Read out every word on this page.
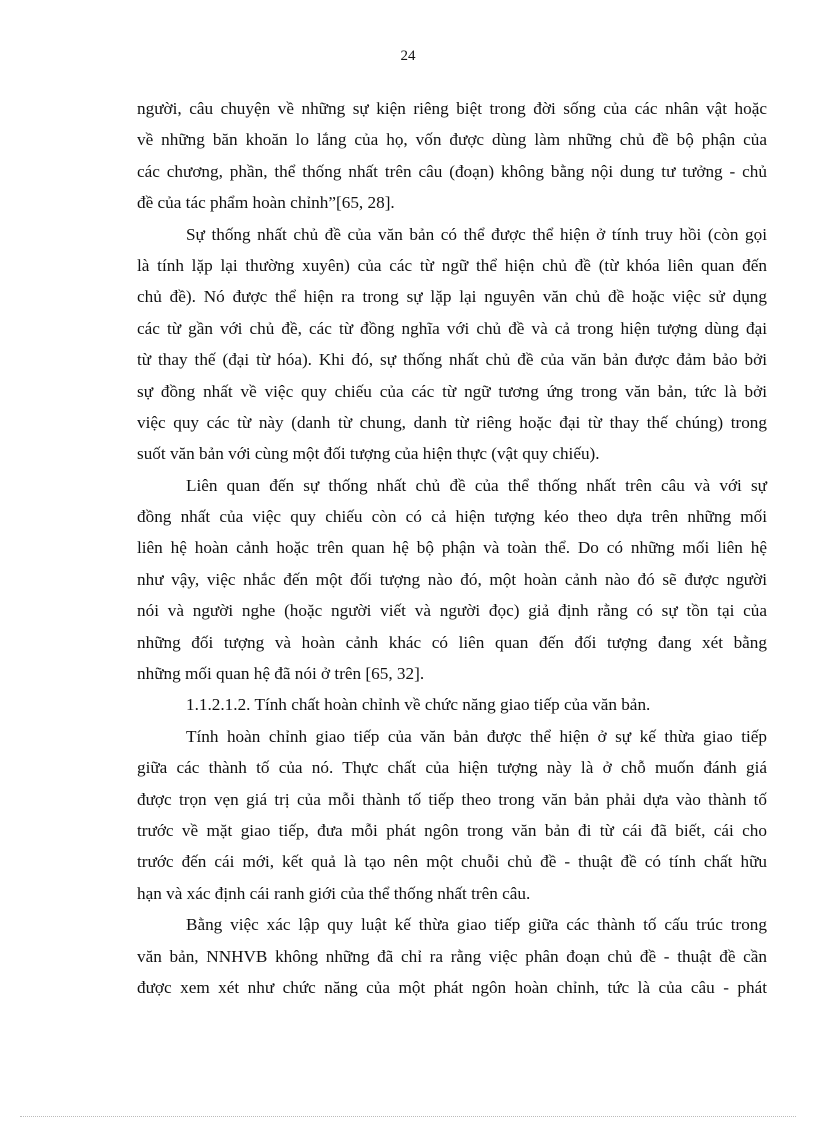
24
người, câu chuyện về những sự kiện riêng biệt trong đời sống của các nhân vật hoặc
về những băn khoăn lo lắng của họ, vốn được dùng làm những chủ đề bộ phận của
các chương, phần, thể thống nhất trên câu (đoạn) không bằng nội dung tư tưởng - chủ
đề của tác phẩm hoàn chỉnh”[65, 28].
Sự thống nhất chủ đề của văn bản có thể được thể hiện ở tính truy hồi (còn gọi
là tính lặp lại thường xuyên) của các từ ngữ thể hiện chủ đề (từ khóa liên quan đến
chủ đề). Nó được thể hiện ra trong sự lặp lại nguyên văn chủ đề hoặc việc sử dụng
các từ gần với chủ đề, các từ đồng nghĩa với chủ đề và cả trong hiện tượng dùng đại
từ thay thế (đại từ hóa). Khi đó, sự thống nhất chủ đề của văn bản được đảm bảo bởi
sự đồng nhất về việc quy chiếu của các từ ngữ tương ứng trong văn bản, tức là bởi
việc quy các từ này (danh từ chung, danh từ riêng hoặc đại từ thay thế chúng) trong
suốt văn bản với cùng một đối tượng của hiện thực (vật quy chiếu).
Liên quan đến sự thống nhất chủ đề của thể thống nhất trên câu và với sự
đồng nhất của việc quy chiếu còn có cả hiện tượng kéo theo dựa trên những mối
liên hệ hoàn cảnh hoặc trên quan hệ bộ phận và toàn thể. Do có những mối liên hệ
như vậy, việc nhắc đến một đối tượng nào đó, một hoàn cảnh nào đó sẽ được người
nói và người nghe (hoặc người viết và người đọc) giả định rằng có sự tồn tại của
những đối tượng và hoàn cảnh khác có liên quan đến đối tượng đang xét bằng
những mối quan hệ đã nói ở trên [65, 32].
1.1.2.1.2. Tính chất hoàn chỉnh về chức năng giao tiếp của văn bản.
Tính hoàn chỉnh giao tiếp của văn bản được thể hiện ở sự kế thừa giao tiếp
giữa các thành tố của nó. Thực chất của hiện tượng này là ở chỗ muốn đánh giá
được trọn vẹn giá trị của mỗi thành tố tiếp theo trong văn bản phải dựa vào thành tố
trước về mặt giao tiếp, đưa mỗi phát ngôn trong văn bản đi từ cái đã biết, cái cho
trước đến cái mới, kết quả là tạo nên một chuỗi chủ đề - thuật đề có tính chất hữu
hạn và xác định cái ranh giới của thể thống nhất trên câu.
Bằng việc xác lập quy luật kế thừa giao tiếp giữa các thành tố cấu trúc trong
văn bản, NNHVB không những đã chỉ ra rằng việc phân đoạn chủ đề - thuật đề cần
được xem xét như chức năng của một phát ngôn hoàn chỉnh, tức là của câu - phát
